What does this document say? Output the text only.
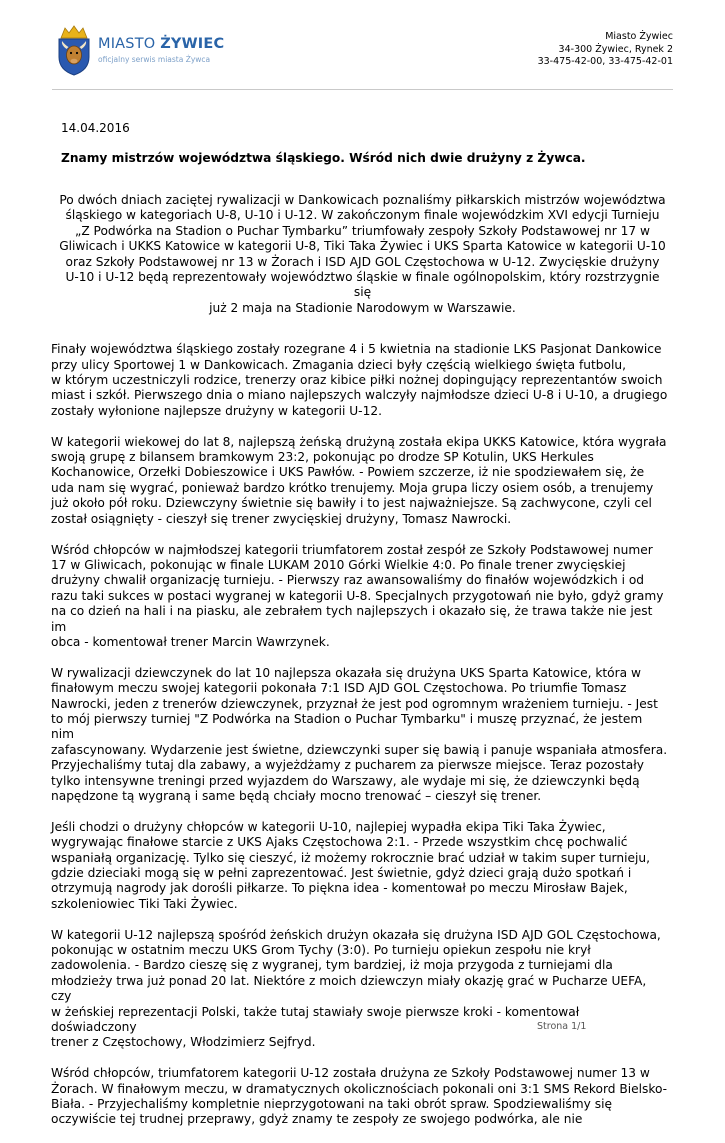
MIASTO ŻYWIEC
oficjalny serwis miasta Żywca
Miasto Żywiec
34-300 Żywiec, Rynek 2
33-475-42-00, 33-475-42-01
14.04.2016
Znamy mistrzów województwa śląskiego. Wśród nich dwie drużyny z Żywca.
Po dwóch dniach zaciętej rywalizacji w Dankowicach poznaliśmy piłkarskich mistrzów województwa
śląskiego w kategoriach U-8, U-10 i U-12. W zakończonym finale wojewódzkim XVI edycji Turnieju
„Z Podwórka na Stadion o Puchar Tymbarku” triumfowały zespoły Szkoły Podstawowej nr 17 w
Gliwicach i UKKS Katowice w kategorii U-8, Tiki Taka Żywiec i UKS Sparta Katowice w kategorii U-10
oraz Szkoły Podstawowej nr 13 w Żorach i ISD AJD GOL Częstochowa w U-12. Zwycięskie drużyny
U-10 i U-12 będą reprezentowały województwo śląskie w finale ogólnopolskim, który rozstrzygnie się
już 2 maja na Stadionie Narodowym w Warszawie.
Finały województwa śląskiego zostały rozegrane 4 i 5 kwietnia na stadionie LKS Pasjonat Dankowice
przy ulicy Sportowej 1 w Dankowicach. Zmagania dzieci były częścią wielkiego święta futbolu,
w którym uczestniczyli rodzice, trenerzy oraz kibice piłki nożnej dopingujący reprezentantów swoich
miast i szkół. Pierwszego dnia o miano najlepszych walczyły najmłodsze dzieci U-8 i U-10, a drugiego
zostały wyłonione najlepsze drużyny w kategorii U-12.
W kategorii wiekowej do lat 8, najlepszą żeńską drużyną została ekipa UKKS Katowice, która wygrała
swoją grupę z bilansem bramkowym 23:2, pokonując po drodze SP Kotulin, UKS Herkules
Kochanowice, Orzełki Dobieszowice i UKS Pawłów. - Powiem szczerze, iż nie spodziewałem się, że
uda nam się wygrać, ponieważ bardzo krótko trenujemy. Moja grupa liczy osiem osób, a trenujemy
już około pół roku. Dziewczyny świetnie się bawiły i to jest najważniejsze. Są zachwycone, czyli cel
został osiągnięty - cieszył się trener zwycięskiej drużyny, Tomasz Nawrocki.
Wśród chłopców w najmłodszej kategorii triumfatorem został zespół ze Szkoły Podstawowej numer
17 w Gliwicach, pokonując w finale LUKAM 2010 Górki Wielkie 4:0. Po finale trener zwycięskiej
drużyny chwalił organizację turnieju. - Pierwszy raz awansowaliśmy do finałów wojewódzkich i od
razu taki sukces w postaci wygranej w kategorii U-8. Specjalnych przygotowań nie było, gdyż gramy
na co dzień na hali i na piasku, ale zebrałem tych najlepszych i okazało się, że trawa także nie jest im
obca - komentował trener Marcin Wawrzynek.
W rywalizacji dziewczynek do lat 10 najlepsza okazała się drużyna UKS Sparta Katowice, która w
finałowym meczu swojej kategorii pokonała 7:1 ISD AJD GOL Częstochowa. Po triumfie Tomasz
Nawrocki, jeden z trenerów dziewczynek, przyznał że jest pod ogromnym wrażeniem turnieju. - Jest
to mój pierwszy turniej "Z Podwórka na Stadion o Puchar Tymbarku" i muszę przyznać, że jestem nim
zafascynowany. Wydarzenie jest świetne, dziewczynki super się bawią i panuje wspaniała atmosfera.
Przyjechaliśmy tutaj dla zabawy, a wyjeżdżamy z pucharem za pierwsze miejsce. Teraz pozostały
tylko intensywne treningi przed wyjazdem do Warszawy, ale wydaje mi się, że dziewczynki będą
napędzone tą wygraną i same będą chciały mocno trenować – cieszył się trener.
Jeśli chodzi o drużyny chłopców w kategorii U-10, najlepiej wypadła ekipa Tiki Taka Żywiec,
wygrywając finałowe starcie z UKS Ajaks Częstochowa 2:1. - Przede wszystkim chcę pochwalić
wspaniałą organizację. Tylko się cieszyć, iż możemy rokrocznie brać udział w takim super turnieju,
gdzie dzieciaki mogą się w pełni zaprezentować. Jest świetnie, gdyż dzieci grają dużo spotkań i
otrzymują nagrody jak dorośli piłkarze. To piękna idea - komentował po meczu Mirosław Bajek,
szkoleniowiec Tiki Taki Żywiec.
W kategorii U-12 najlepszą spośród żeńskich drużyn okazała się drużyna ISD AJD GOL Częstochowa,
pokonując w ostatnim meczu UKS Grom Tychy (3:0). Po turnieju opiekun zespołu nie krył
zadowolenia. - Bardzo cieszę się z wygranej, tym bardziej, iż moja przygoda z turniejami dla
młodzieży trwa już ponad 20 lat. Niektóre z moich dziewczyn miały okazję grać w Pucharze UEFA, czy
w żeńskiej reprezentacji Polski, także tutaj stawiały swoje pierwsze kroki - komentował doświadczony
trener z Częstochowy, Włodzimierz Sejfryd.
Wśród chłopców, triumfatorem kategorii U-12 została drużyna ze Szkoły Podstawowej numer 13 w
Żorach. W finałowym meczu, w dramatycznych okolicznościach pokonali oni 3:1 SMS Rekord Bielsko-
Biała. - Przyjechaliśmy kompletnie nieprzygotowani na taki obrót spraw. Spodziewaliśmy się
oczywiście tej trudnej przeprawy, gdyż znamy te zespoły ze swojego podwórka, ale nie
Strona 1/1
